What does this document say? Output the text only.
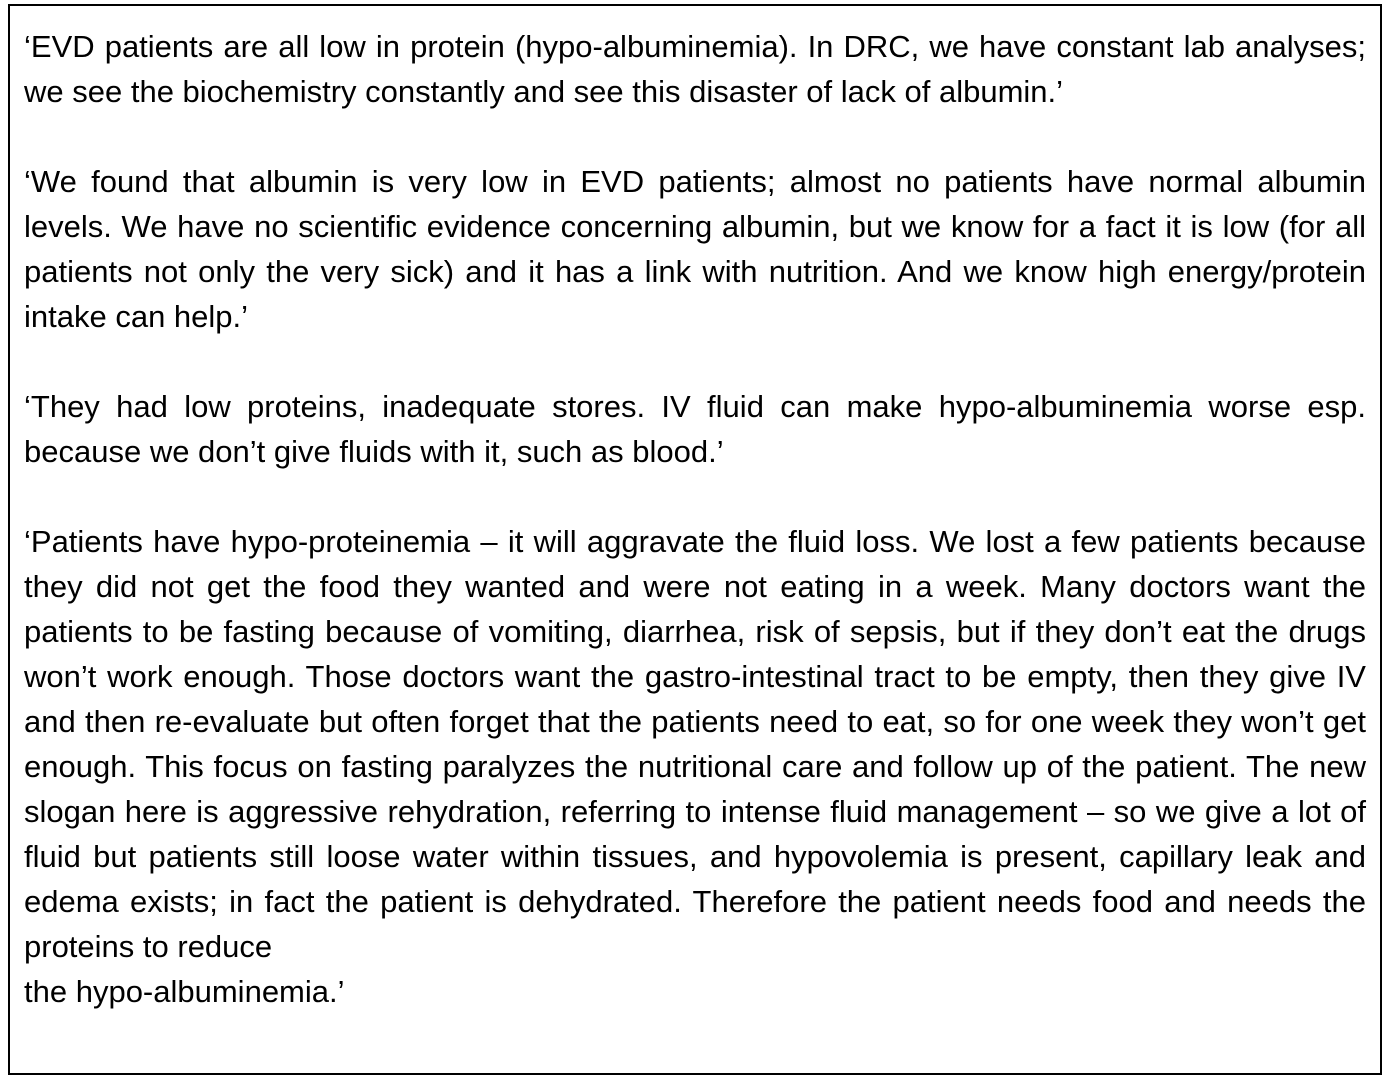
‘EVD patients are all low in protein (hypo-albuminemia). In DRC, we have constant lab analyses; we see the biochemistry constantly and see this disaster of lack of albumin.’

‘We found that albumin is very low in EVD patients; almost no patients have normal albumin levels. We have no scientific evidence concerning albumin, but we know for a fact it is low (for all patients not only the very sick) and it has a link with nutrition. And we know high energy/protein intake can help.’

‘They had low proteins, inadequate stores. IV fluid can make hypo-albuminemia worse esp. because we don’t give fluids with it, such as blood.’

‘Patients have hypo-proteinemia – it will aggravate the fluid loss. We lost a few patients because they did not get the food they wanted and were not eating in a week. Many doctors want the patients to be fasting because of vomiting, diarrhea, risk of sepsis, but if they don’t eat the drugs won’t work enough. Those doctors want the gastro-intestinal tract to be empty, then they give IV and then re-evaluate but often forget that the patients need to eat, so for one week they won’t get enough. This focus on fasting paralyzes the nutritional care and follow up of the patient. The new slogan here is aggressive rehydration, referring to intense fluid management – so we give a lot of fluid but patients still loose water within tissues, and hypovolemia is present, capillary leak and edema exists; in fact the patient is dehydrated. Therefore the patient needs food and needs the proteins to reduce
the hypo-albuminemia.’
